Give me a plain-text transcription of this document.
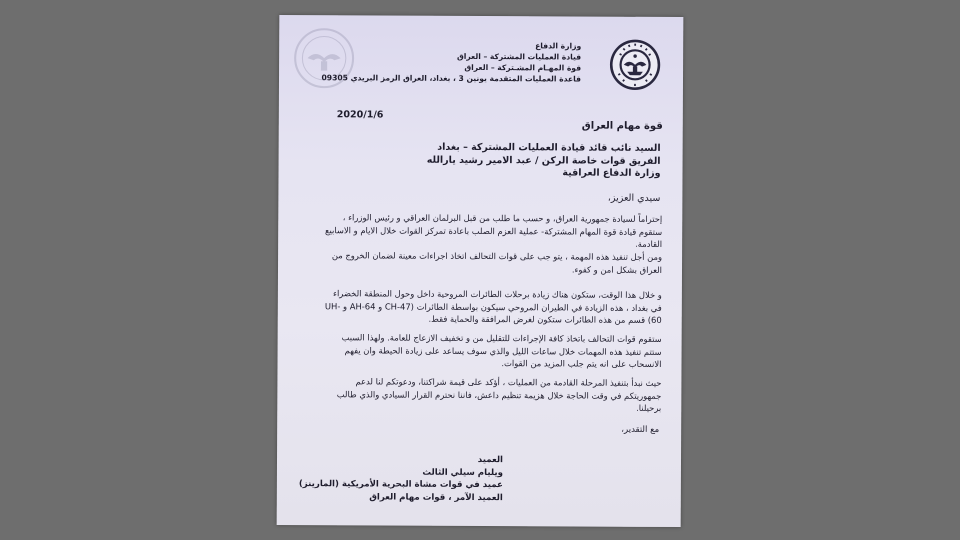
وزارة الدفاع
قيادة العمليات المشتركة – العراق
قوة المهـام المشـتركة – العراق
قاعدة العمليات المتقدمة يونين 3 ، بغداد، العراق الرمز البريدي 09305
2020/1/6
قوة مهام العراق
السيد نائب قائد قيادة العمليات المشتركة – بغداد
الفريق قوات خاصة الركن / عبد الامير رشيد يارالله
وزارة الدفاع العراقية
سيدي العزيز،
إحتراماً لسيادة جمهورية العراق، و حسب ما طلب من قبل البرلمان العراقي و رئيس الوزراء ، ستقوم قيادة قوة المهام المشتركة- عملية العزم الصلب باعادة تمركز القوات خلال الايام و الاسابيع القادمة.
ومن أجل تنفيذ هذه المهمة ، يتو جب على قوات التحالف اتخاذ اجراءات معينة لضمان الخروج من العراق بشكل امن و كفوء.
و خلال هذا الوقت، ستكون هناك زيادة برحلات الطائرات المروحية داخل وحول المنطقة الخضراء في بغداد ، هذه الزيادة في الطيران المروحي سيكون بواسطة الطائرات (CH-47 و AH-64 و UH-60) قسم من هذه الطائرات ستكون لغرض المرافقة والحماية فقط.
ستقوم قوات التحالف باتخاذ كافة الإجراءات للتقليل من و تخفيف الازعاج للعامة. ولهذا السبب ستتم تنفيذ هذه المهمات خلال ساعات الليل والذي سوف يساعد على زيادة الحيطة وان يفهم الانسحاب على انه يتم جلب المزيد من القوات.
حيث نبدأ بتنفيذ المرحلة القادمة من العمليات ، أؤكد على قيمة شراكتنا، ودعوتكم لنا لدعم جمهوريتكم في وقت الحاجة خلال هزيمة تنظيم داعش، فاننا نحترم القرار السيادي والذي طالب برحيلنا.
مع التقدير،
العميد
ويليام سيلي الثالث
عميد في قوات مشاة البحرية الأمريكية (المارينز)
العميد الآمر ، قوات مهام العراق
